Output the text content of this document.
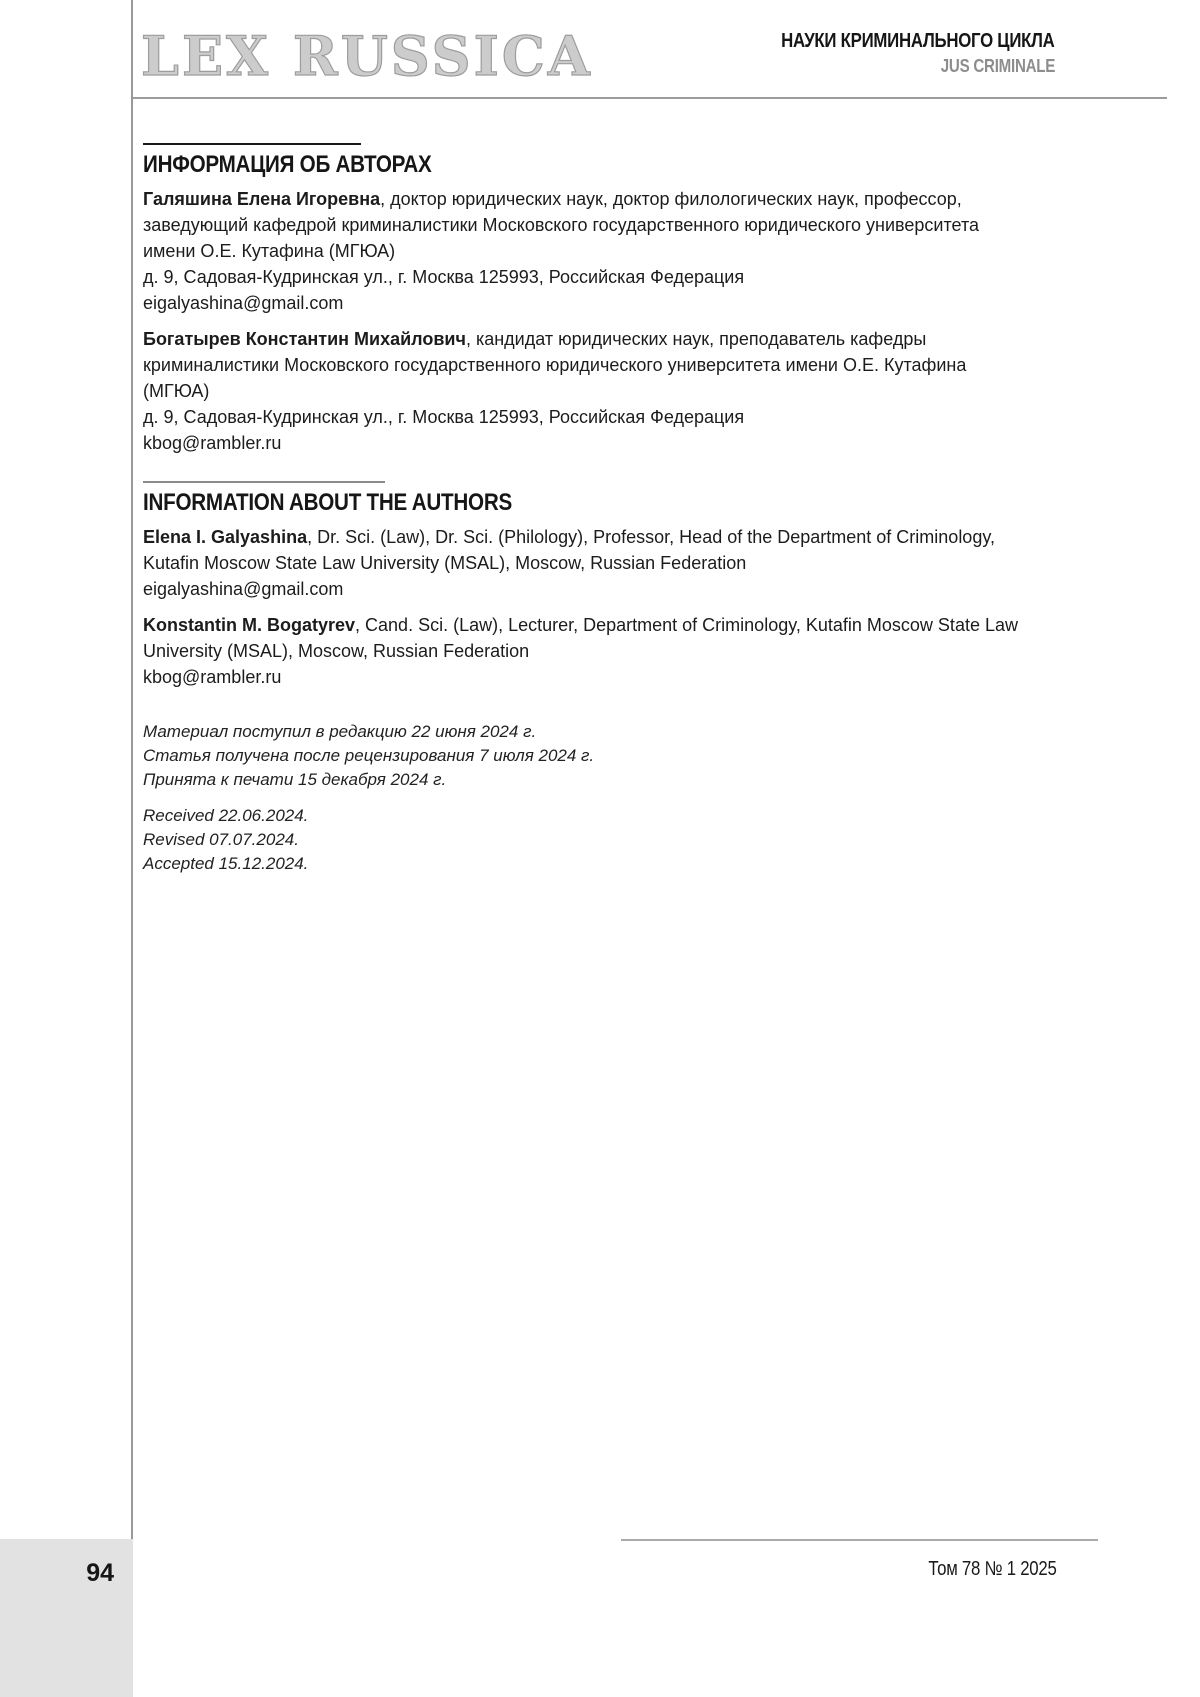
LEX RUSSICA	НАУКИ КРИМИНАЛЬНОГО ЦИКЛА
JUS CRIMINALE
ИНФОРМАЦИЯ ОБ АВТОРАХ

Галяшина Елена Игоревна, доктор юридических наук, доктор филологических наук, профессор, заведующий кафедрой криминалистики Московского государственного юридического университета имени О.Е. Кутафина (МГЮА)
д. 9, Садовая-Кудринская ул., г. Москва 125993, Российская Федерация
eigalyashina@gmail.com

Богатырев Константин Михайлович, кандидат юридических наук, преподаватель кафедры криминалистики Московского государственного юридического университета имени О.Е. Кутафина (МГЮА)
д. 9, Садовая-Кудринская ул., г. Москва 125993, Российская Федерация
kbog@rambler.ru

INFORMATION ABOUT THE AUTHORS

Elena I. Galyashina, Dr. Sci. (Law), Dr. Sci. (Philology), Professor, Head of the Department of Criminology, Kutafin Moscow State Law University (MSAL), Moscow, Russian Federation
eigalyashina@gmail.com

Konstantin M. Bogatyrev, Cand. Sci. (Law), Lecturer, Department of Criminology, Kutafin Moscow State Law University (MSAL), Moscow, Russian Federation
kbog@rambler.ru

Материал поступил в редакцию 22 июня 2024 г.
Статья получена после рецензирования 7 июля 2024 г.
Принята к печати 15 декабря 2024 г.
Received 22.06.2024.
Revised 07.07.2024.
Accepted 15.12.2024.
Том 78 № 1 2025
94
